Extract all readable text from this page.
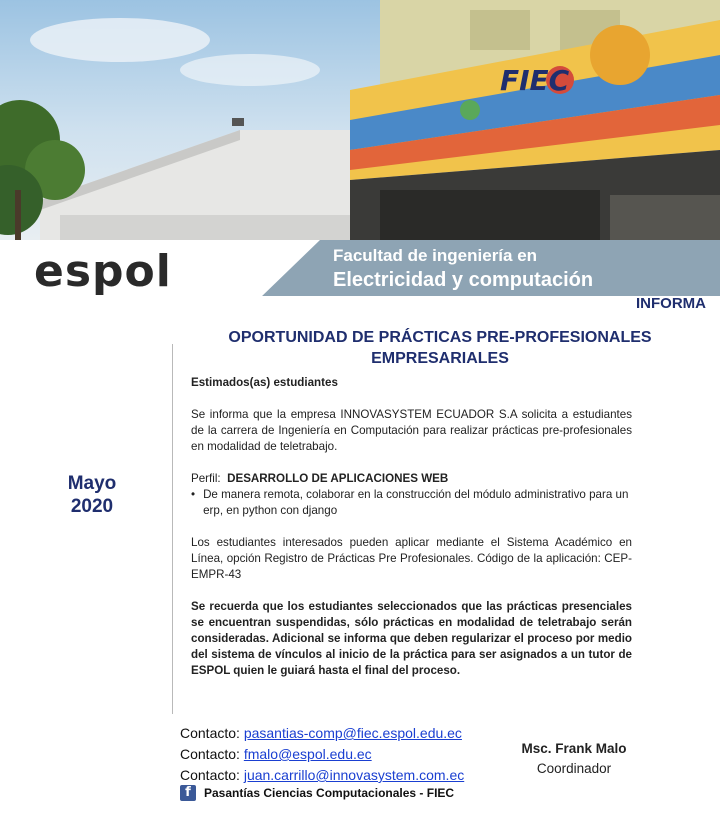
FIEC
espol	Facultad de ingeniería en
Electricidad y computación
INFORMA
OPORTUNIDAD DE PRÁCTICAS PRE-PROFESIONALES
EMPRESARIALES
Mayo
2020

Estimados(as) estudiantes

Se informa que la empresa INNOVASYSTEM ECUADOR S.A solicita a estudiantes de la carrera de Ingeniería en Computación para realizar prácticas pre-profesionales en modalidad de teletrabajo.

Perfil: DESARROLLO DE APLICACIONES WEB

• De manera remota, colaborar en la construcción del módulo administrativo para un erp, en python con django

Los estudiantes interesados pueden aplicar mediante el Sistema Académico en Línea, opción Registro de Prácticas Pre Profesionales. Código de la aplicación: CEP-EMPR-43

Se recuerda que los estudiantes seleccionados que las prácticas presenciales se encuentran suspendidas, sólo prácticas en modalidad de teletrabajo serán consideradas. Adicional se informa que deben regularizar el proceso por medio del sistema de vínculos al inicio de la práctica para ser asignados a un tutor de ESPOL quien le guiará hasta el final del proceso.

Contacto: pasantias-comp@fiec.espol.edu.ec
Contacto: fmalo@espol.edu.ec
Contacto: juan.carrillo@innovasystem.com.ec
f	Pasantías Ciencias Computacionales - FIEC
Msc. Frank Malo
Coordinador
